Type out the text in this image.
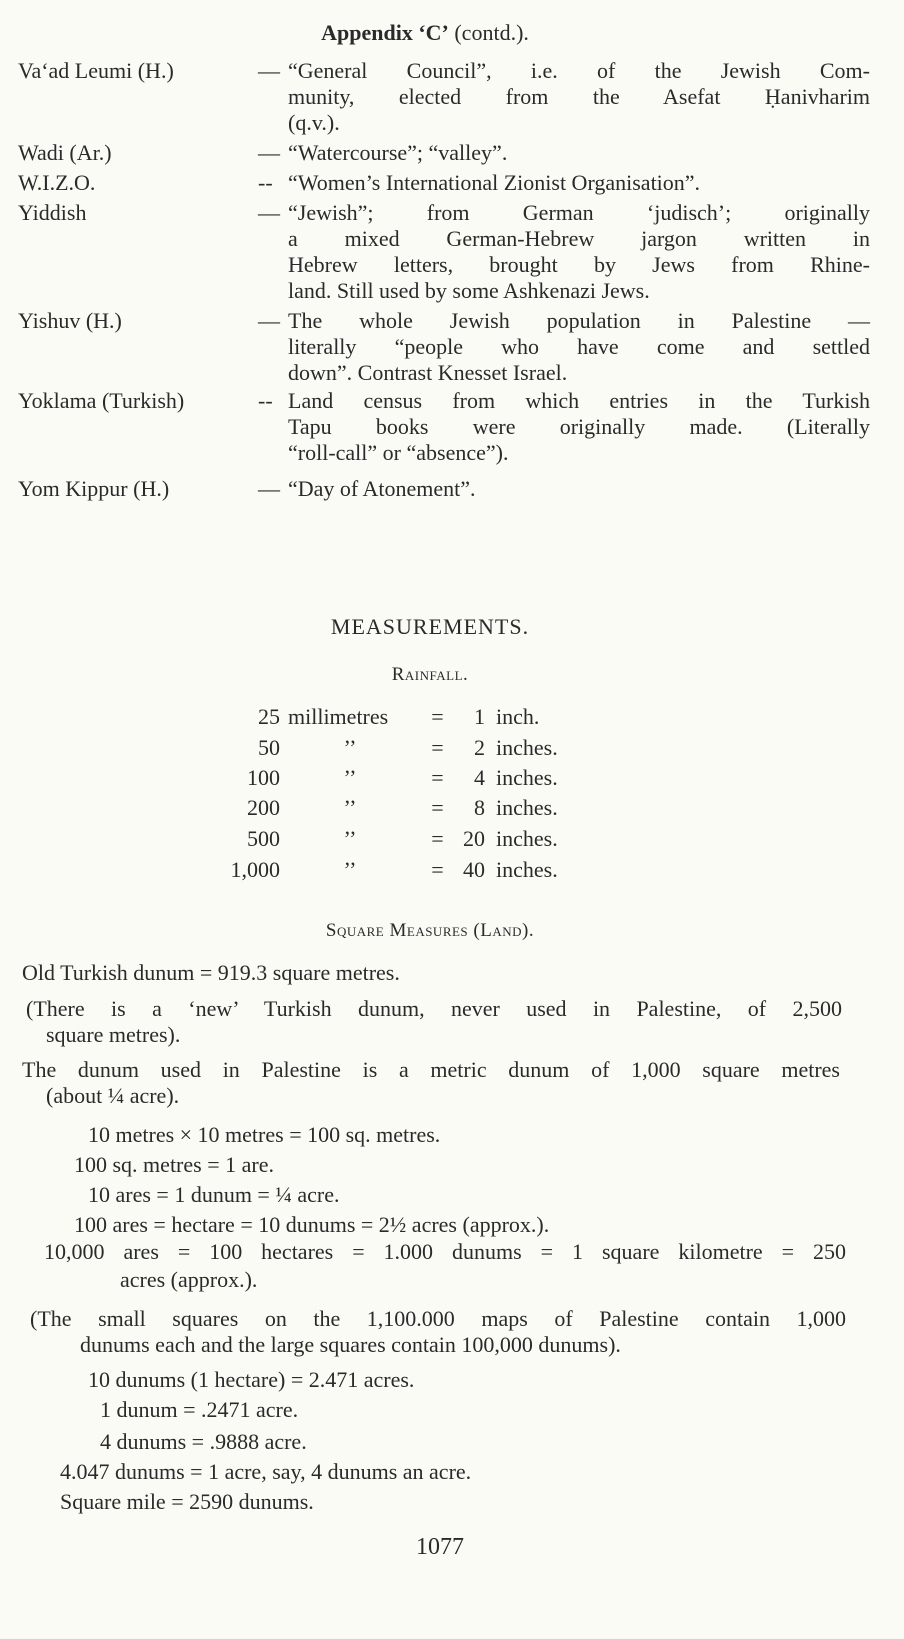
Appendix ‘C’ (contd.).
Va‘ad Leumi (H.)	— “General Council”, i.e. of the Jewish Com-
munity, elected from the Asefat Ḥanivharim
(q.v.).
Wadi (Ar.)	— “Watercourse”; “valley”.
W.I.Z.O.	-- “Women’s International Zionist Organisation”.
Yiddish	— “Jewish”; from German ‘judisch’; originally
a mixed German-Hebrew jargon written in
Hebrew letters, brought by Jews from Rhine-
land. Still used by some Ashkenazi Jews.
Yishuv (H.)	— The whole Jewish population in Palestine —
literally “people who have come and settled
down”. Contrast Knesset Israel.
Yoklama (Turkish)	-- Land census from which entries in the Turkish
Tapu books were originally made. (Literally
“roll-call” or “absence”).
Yom Kippur (H.)	— “Day of Atonement”.
MEASUREMENTS.
Rainfall.
25 millimetres =	1 inch.
50	’’	=	2 inches.
100	’’	=	4 inches.
200	’’	=	8 inches.
500	’’	= 20 inches.
1,000	’’	= 40 inches.
Square Measures (Land).
Old Turkish dunum = 919.3 square metres.
(There is a ‘new’ Turkish dunum, never used in Palestine, of 2,500
square metres).
The dunum used in Palestine is a metric dunum of 1,000 square metres
(about ¼ acre).
10 metres × 10 metres = 100 sq. metres.
100 sq. metres = 1 are.
10 ares = 1 dunum = ¼ acre.
100 ares = hectare = 10 dunums = 2½ acres (approx.).
10,000 ares = 100 hectares = 1.000 dunums = 1 square kilometre = 250
acres (approx.).
(The small squares on the 1,100.000 maps of Palestine contain 1,000
dunums each and the large squares contain 100,000 dunums).
10 dunums (1 hectare) = 2.471 acres.
1 dunum = .2471 acre.
4 dunums = .9888 acre.
4.047 dunums = 1 acre, say, 4 dunums an acre.
Square mile = 2590 dunums.
1077
